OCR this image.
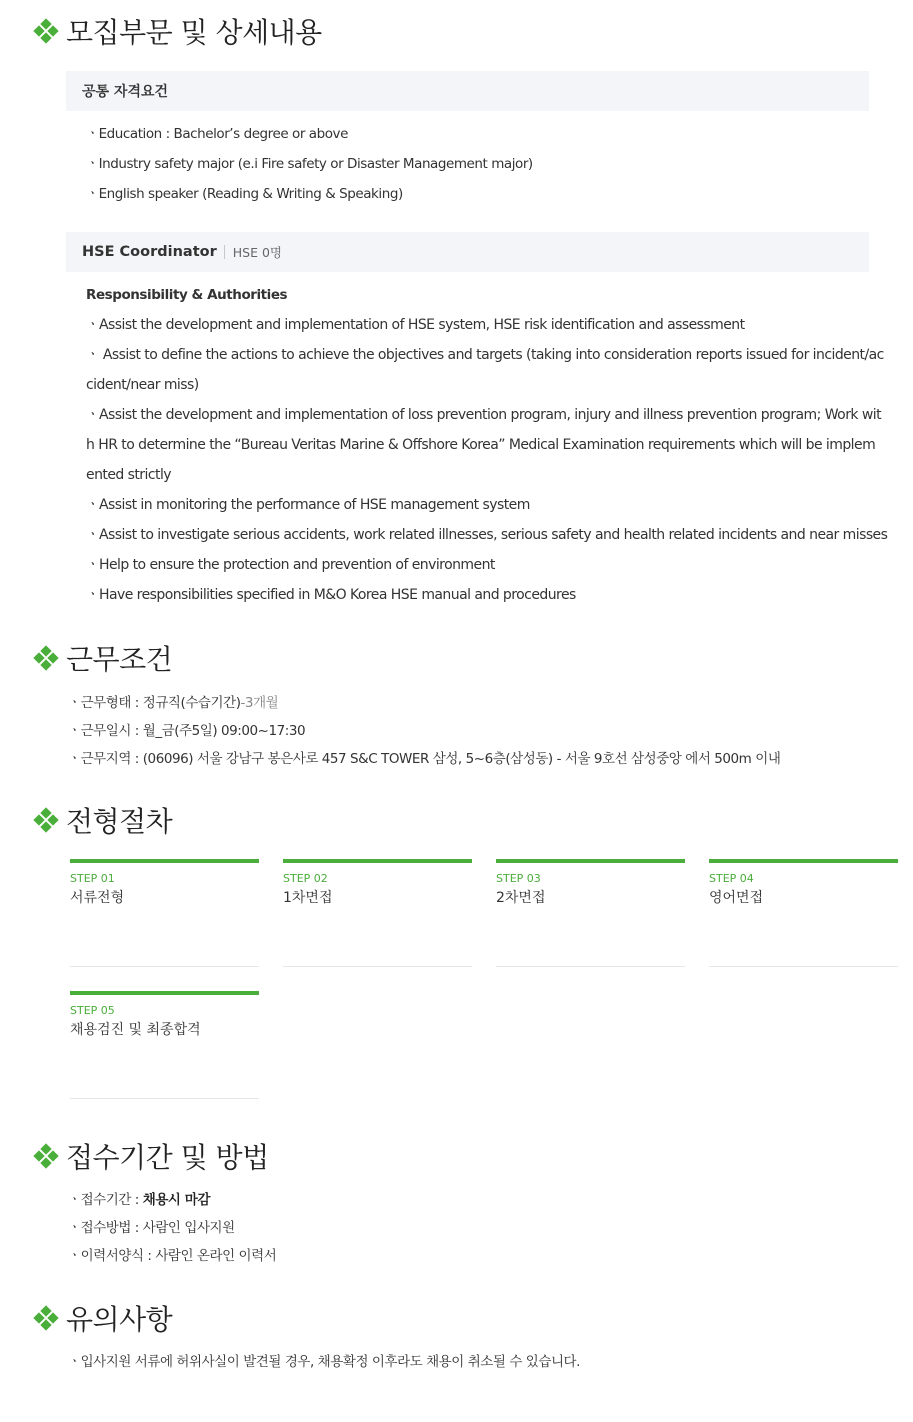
모집부문 및 상세내용
공통 자격요건
ㆍEducation : Bachelor’s degree or above
ㆍIndustry safety major (e.i Fire safety or Disaster Management major)
ㆍEnglish speaker (Reading & Writing & Speaking)
HSE Coordinator HSE 0명
Responsibility & Authorities
ㆍAssist the development and implementation of HSE system, HSE risk identification and assessment
ㆍ Assist to define the actions to achieve the objectives and targets (taking into consideration reports issued for incident/ac
cident/near miss)
ㆍAssist the development and implementation of loss prevention program, injury and illness prevention program; Work wit
h HR to determine the “Bureau Veritas Marine & Offshore Korea” Medical Examination requirements which will be implem
ented strictly
ㆍAssist in monitoring the performance of HSE management system
ㆍAssist to investigate serious accidents, work related illnesses, serious safety and health related incidents and near misses
ㆍHelp to ensure the protection and prevention of environment
ㆍHave responsibilities specified in M&O Korea HSE manual and procedures
근무조건
ㆍ근무형태 : 정규직(수습기간)-3개월
ㆍ근무일시 : 월_금(주5일) 09:00~17:30
ㆍ근무지역 : (06096) 서울 강남구 봉은사로 457 S&C TOWER 삼성, 5~6층(삼성동) - 서울 9호선 삼성중앙 에서 500m 이내
전형절차
STEP 01
서류전형
STEP 02
1차면접
STEP 03
2차면접
STEP 04
영어면접
STEP 05
채용검진 및 최종합격
접수기간 및 방법
ㆍ접수기간 : 채용시 마감
ㆍ접수방법 : 사람인 입사지원
ㆍ이력서양식 : 사람인 온라인 이력서
유의사항
ㆍ입사지원 서류에 허위사실이 발견될 경우, 채용확정 이후라도 채용이 취소될 수 있습니다.
